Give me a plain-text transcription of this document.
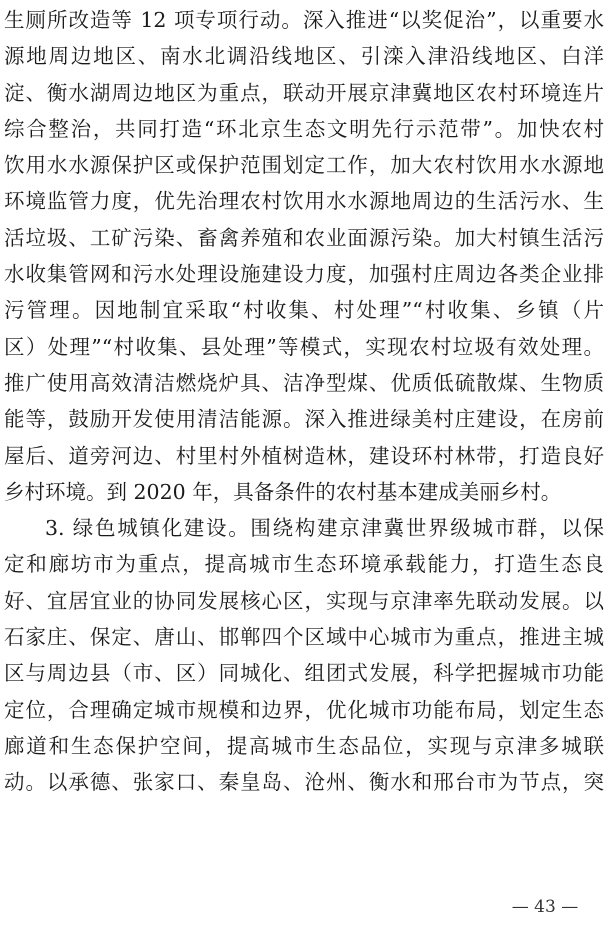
生厕所改造等 12 项专项行动。深入推进“以奖促治”，以重要水
源地周边地区、南水北调沿线地区、引滦入津沿线地区、白洋
淀、衡水湖周边地区为重点，联动开展京津冀地区农村环境连片
综合整治，共同打造“环北京生态文明先行示范带”。加快农村
饮用水水源保护区或保护范围划定工作，加大农村饮用水水源地
环境监管力度，优先治理农村饮用水水源地周边的生活污水、生
活垃圾、工矿污染、畜禽养殖和农业面源污染。加大村镇生活污
水收集管网和污水处理设施建设力度，加强村庄周边各类企业排
污管理。因地制宜采取“村收集、村处理”“村收集、乡镇（片
区）处理”“村收集、县处理”等模式，实现农村垃圾有效处理。
推广使用高效清洁燃烧炉具、洁净型煤、优质低硫散煤、生物质
能等，鼓励开发使用清洁能源。深入推进绿美村庄建设，在房前
屋后、道旁河边、村里村外植树造林，建设环村林带，打造良好
乡村环境。到 2020 年，具备条件的农村基本建成美丽乡村。
3. 绿色城镇化建设。围绕构建京津冀世界级城市群，以保
定和廊坊市为重点，提高城市生态环境承载能力，打造生态良
好、宜居宜业的协同发展核心区，实现与京津率先联动发展。以
石家庄、保定、唐山、邯郸四个区域中心城市为重点，推进主城
区与周边县（市、区）同城化、组团式发展，科学把握城市功能
定位，合理确定城市规模和边界，优化城市功能布局，划定生态
廊道和生态保护空间，提高城市生态品位，实现与京津多城联
动。以承德、张家口、秦皇岛、沧州、衡水和邢台市为节点，突
— 43 —
